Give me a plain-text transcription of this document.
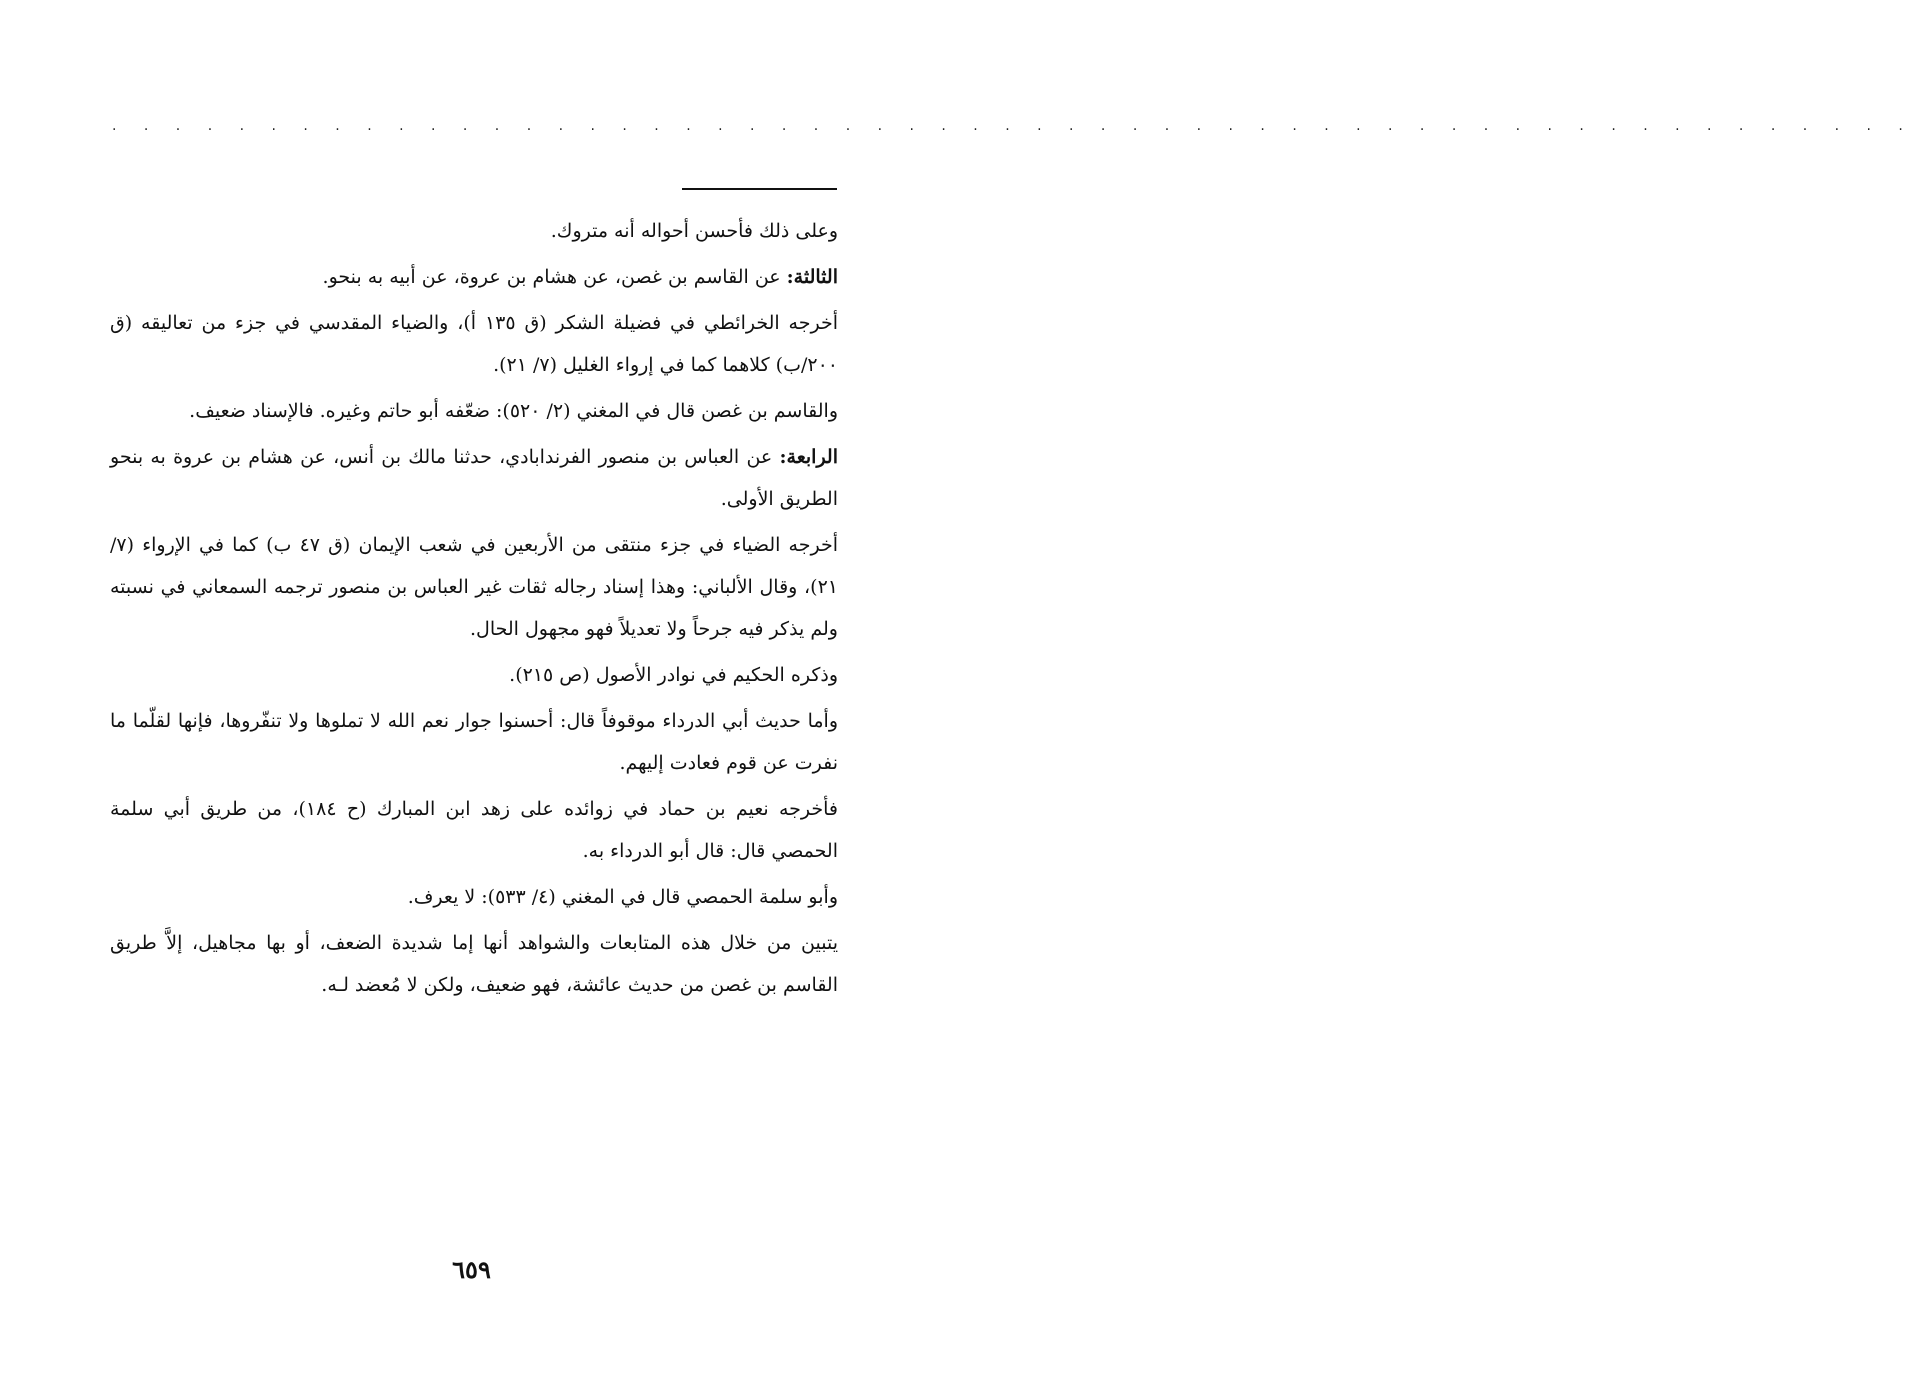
. . . . . . . . . . . . . . . . . . . . . . . . . . . . . . . . . . . . . . . . . . . . . . . . . . . . . . . . .

وعلى ذلك فأحسن أحواله أنه متروك.

الثالثة: عن القاسم بن غصن، عن هشام بن عروة، عن أبيه به بنحو.

أخرجه الخرائطي في فضيلة الشكر (ق ١٣٥ أ)، والضياء المقدسي في جزء من تعاليقه (ق ٢٠٠/ب) كلاهما كما في إرواء الغليل (٧/ ٢١).

والقاسم بن غصن قال في المغني (٢/ ٥٢٠): ضعّفه أبو حاتم وغيره. فالإسناد ضعيف.

الرابعة: عن العباس بن منصور الفرندابادي، حدثنا مالك بن أنس، عن هشام بن عروة به بنحو الطريق الأولى.

أخرجه الضياء في جزء منتقى من الأربعين في شعب الإيمان (ق ٤٧ ب) كما في الإرواء (٧/ ٢١)، وقال الألباني: وهذا إسناد رجاله ثقات غير العباس بن منصور ترجمه السمعاني في نسبته ولم يذكر فيه جرحاً ولا تعديلاً فهو مجهول الحال.

وذكره الحكيم في نوادر الأصول (ص ٢١٥).

وأما حديث أبي الدرداء موقوفاً قال: أحسنوا جوار نعم الله لا تملوها ولا تنفّروها، فإنها لقلّما ما نفرت عن قوم فعادت إليهم.

فأخرجه نعيم بن حماد في زوائده على زهد ابن المبارك (ح ١٨٤)، من طريق أبي سلمة الحمصي قال: قال أبو الدرداء به.

وأبو سلمة الحمصي قال في المغني (٤/ ٥٣٣): لا يعرف.

يتبين من خلال هذه المتابعات والشواهد أنها إما شديدة الضعف، أو بها مجاهيل، إلاَّ طريق القاسم بن غصن من حديث عائشة، فهو ضعيف، ولكن لا مُعضد لـه.

٦٥٩
